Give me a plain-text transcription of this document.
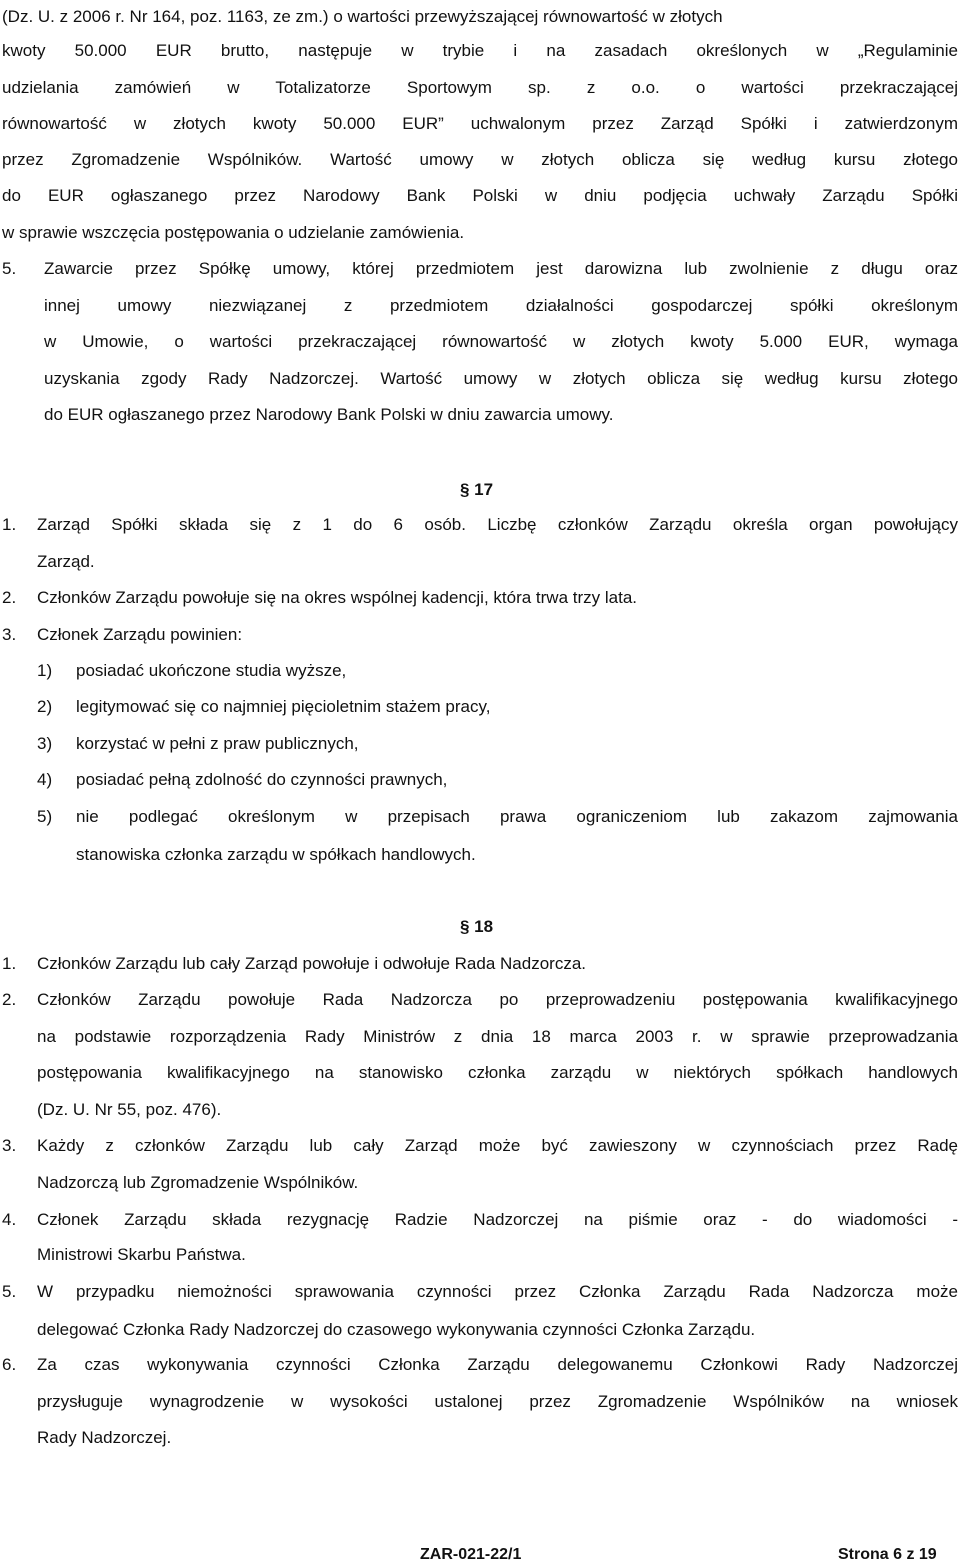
(Dz. U. z 2006 r. Nr 164, poz. 1163, ze zm.) o wartości przewyższającej równowartość w złotych
kwoty 50.000 EUR brutto, następuje w trybie i na zasadach określonych w „Regulaminie
udzielania zamówień w Totalizatorze Sportowym sp. z o.o. o wartości przekraczającej
równowartość w złotych kwoty 50.000 EUR” uchwalonym przez Zarząd Spółki i zatwierdzonym
przez Zgromadzenie Wspólników. Wartość umowy w złotych oblicza się według kursu złotego
do EUR ogłaszanego przez Narodowy Bank Polski w dniu podjęcia uchwały Zarządu Spółki
w sprawie wszczęcia postępowania o udzielanie zamówienia.
5. Zawarcie przez Spółkę umowy, której przedmiotem jest darowizna lub zwolnienie z długu oraz
innej umowy niezwiązanej z przedmiotem działalności gospodarczej spółki określonym
w Umowie, o wartości przekraczającej równowartość w złotych kwoty 5.000 EUR, wymaga
uzyskania zgody Rady Nadzorczej. Wartość umowy w złotych oblicza się według kursu złotego
do EUR ogłaszanego przez Narodowy Bank Polski w dniu zawarcia umowy.
§ 17
1. Zarząd Spółki składa się z 1 do 6 osób. Liczbę członków Zarządu określa organ powołujący
Zarząd.
2. Członków Zarządu powołuje się na okres wspólnej kadencji, która trwa trzy lata.
3. Członek Zarządu powinien:
1) posiadać ukończone studia wyższe,
2) legitymować się co najmniej pięcioletnim stażem pracy,
3) korzystać w pełni z praw publicznych,
4) posiadać pełną zdolność do czynności prawnych,
5) nie podlegać określonym w przepisach prawa ograniczeniom lub zakazom zajmowania
stanowiska członka zarządu w spółkach handlowych.
§ 18
1. Członków Zarządu lub cały Zarząd powołuje i odwołuje Rada Nadzorcza.
2. Członków Zarządu powołuje Rada Nadzorcza po przeprowadzeniu postępowania kwalifikacyjnego
na podstawie rozporządzenia Rady Ministrów z dnia 18 marca 2003 r. w sprawie przeprowadzania
postępowania kwalifikacyjnego na stanowisko członka zarządu w niektórych spółkach handlowych
(Dz. U. Nr 55, poz. 476).
3. Każdy z członków Zarządu lub cały Zarząd może być zawieszony w czynnościach przez Radę
Nadzorczą lub Zgromadzenie Wspólników.
4. Członek Zarządu składa rezygnację Radzie Nadzorczej na piśmie oraz - do wiadomości -
Ministrowi Skarbu Państwa.
5. W przypadku niemożności sprawowania czynności przez Członka Zarządu Rada Nadzorcza może
delegować Członka Rady Nadzorczej do czasowego wykonywania czynności Członka Zarządu.
6. Za czas wykonywania czynności Członka Zarządu delegowanemu Członkowi Rady Nadzorczej
przysługuje wynagrodzenie w wysokości ustalonej przez Zgromadzenie Wspólników na wniosek
Rady Nadzorczej.
ZAR-021-22/1	Strona 6 z 19
